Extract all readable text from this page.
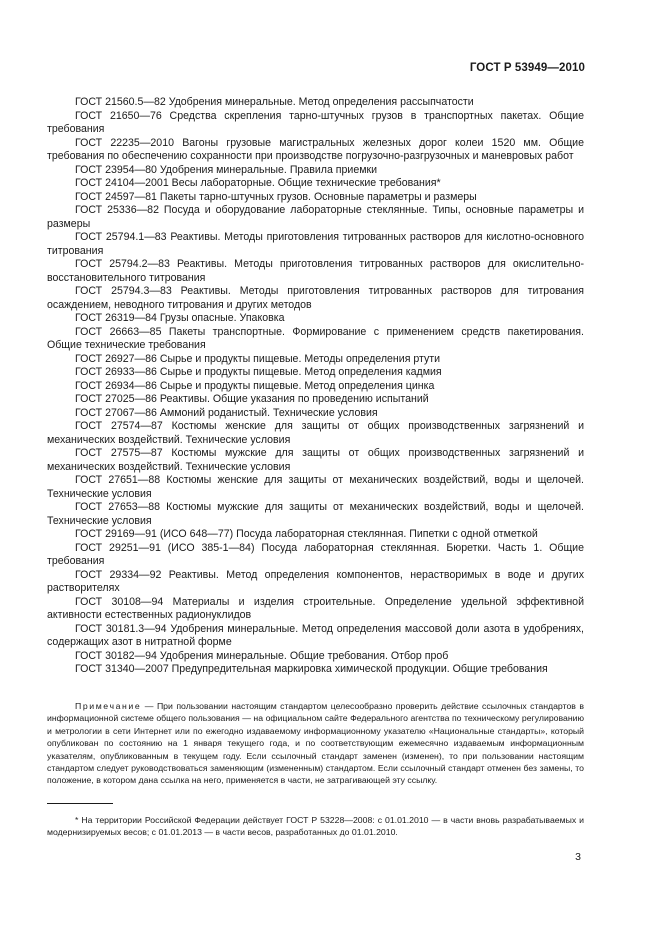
ГОСТ Р 53949—2010

ГОСТ 21560.5—82 Удобрения минеральные. Метод определения рассыпчатости

ГОСТ 21650—76 Средства скрепления тарно-штучных грузов в транспортных пакетах. Общие требования

ГОСТ 22235—2010 Вагоны грузовые магистральных железных дорог колеи 1520 мм. Общие требования по обеспечению сохранности при производстве погрузочно-разгрузочных и маневровых работ

ГОСТ 23954—80 Удобрения минеральные. Правила приемки

ГОСТ 24104—2001 Весы лабораторные. Общие технические требования*

ГОСТ 24597—81 Пакеты тарно-штучных грузов. Основные параметры и размеры

ГОСТ 25336—82 Посуда и оборудование лабораторные стеклянные. Типы, основные параметры и размеры

ГОСТ 25794.1—83 Реактивы. Методы приготовления титрованных растворов для кислотно-основного титрования

ГОСТ 25794.2—83 Реактивы. Методы приготовления титрованных растворов для окислительно-восстановительного титрования

ГОСТ 25794.3—83 Реактивы. Методы приготовления титрованных растворов для титрования осаждением, неводного титрования и других методов

ГОСТ 26319—84 Грузы опасные. Упаковка

ГОСТ 26663—85 Пакеты транспортные. Формирование с применением средств пакетирования. Общие технические требования

ГОСТ 26927—86 Сырье и продукты пищевые. Методы определения ртути

ГОСТ 26933—86 Сырье и продукты пищевые. Метод определения кадмия

ГОСТ 26934—86 Сырье и продукты пищевые. Метод определения цинка

ГОСТ 27025—86 Реактивы. Общие указания по проведению испытаний

ГОСТ 27067—86 Аммоний роданистый. Технические условия

ГОСТ 27574—87 Костюмы женские для защиты от общих производственных загрязнений и механических воздействий. Технические условия

ГОСТ 27575—87 Костюмы мужские для защиты от общих производственных загрязнений и механических воздействий. Технические условия

ГОСТ 27651—88 Костюмы женские для защиты от механических воздействий, воды и щелочей. Технические условия

ГОСТ 27653—88 Костюмы мужские для защиты от механических воздействий, воды и щелочей. Технические условия

ГОСТ 29169—91 (ИСО 648—77) Посуда лабораторная стеклянная. Пипетки с одной отметкой

ГОСТ 29251—91 (ИСО 385-1—84) Посуда лабораторная стеклянная. Бюретки. Часть 1. Общие требования

ГОСТ 29334—92 Реактивы. Метод определения компонентов, нерастворимых в воде и других растворителях

ГОСТ 30108—94 Материалы и изделия строительные. Определение удельной эффективной активности естественных радионуклидов

ГОСТ 30181.3—94 Удобрения минеральные. Метод определения массовой доли азота в удобрениях, содержащих азот в нитратной форме

ГОСТ 30182—94 Удобрения минеральные. Общие требования. Отбор проб

ГОСТ 31340—2007 Предупредительная маркировка химической продукции. Общие требования

Примечание — При пользовании настоящим стандартом целесообразно проверить действие ссылочных стандартов в информационной системе общего пользования — на официальном сайте Федерального агентства по техническому регулированию и метрологии в сети Интернет или по ежегодно издаваемому информационному указателю «Национальные стандарты», который опубликован по состоянию на 1 января текущего года, и по соответствующим ежемесячно издаваемым информационным указателям, опубликованным в текущем году. Если ссылочный стандарт заменен (изменен), то при пользовании настоящим стандартом следует руководствоваться заменяющим (измененным) стандартом. Если ссылочный стандарт отменен без замены, то положение, в котором дана ссылка на него, применяется в части, не затрагивающей эту ссылку.

* На территории Российской Федерации действует ГОСТ Р 53228—2008: с 01.01.2010 — в части вновь разрабатываемых и модернизируемых весов; с 01.01.2013 — в части весов, разработанных до 01.01.2010.

3
